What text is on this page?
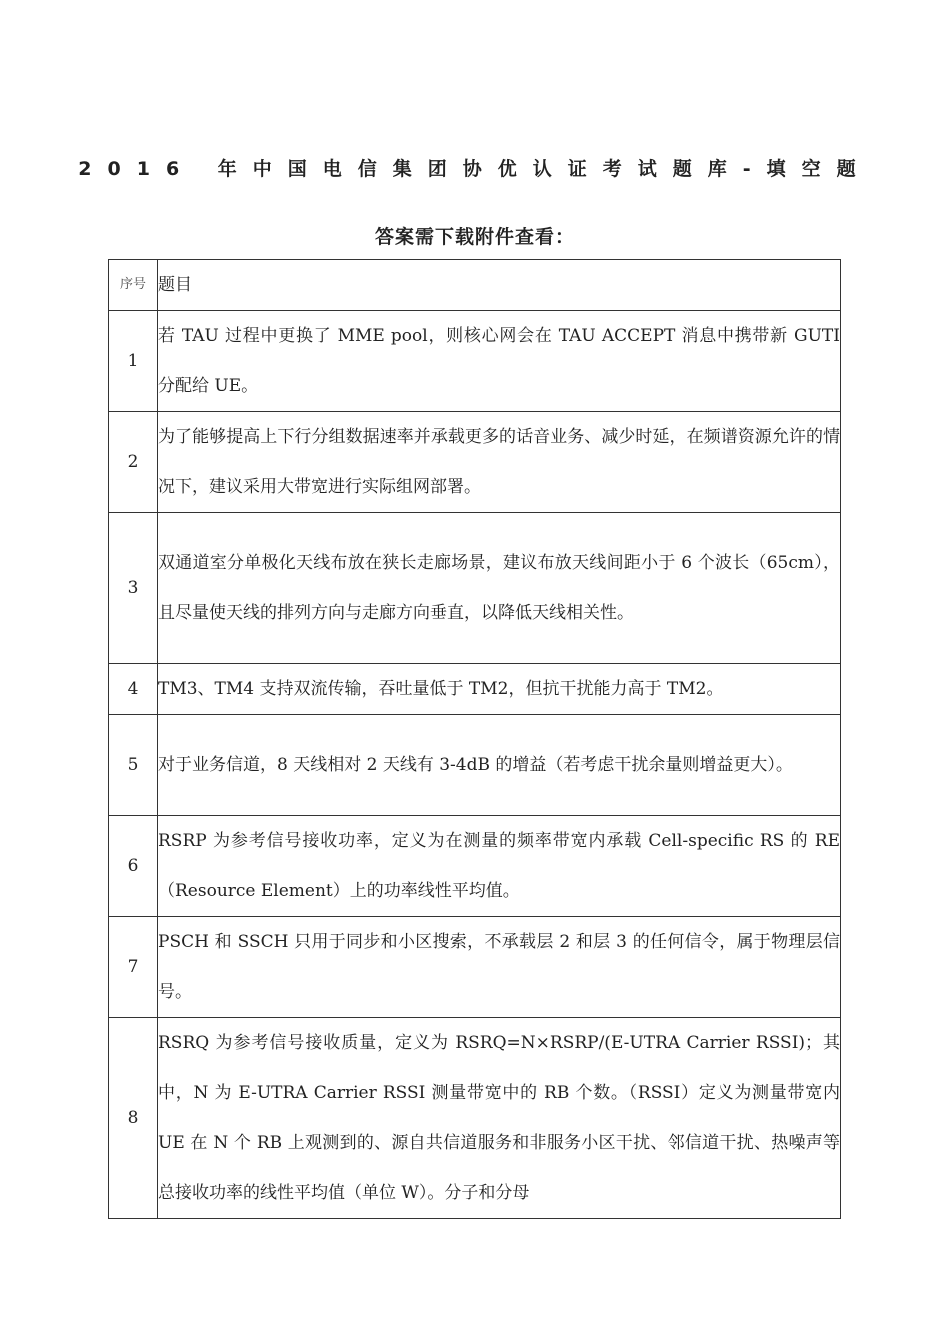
2016 年中国电信集团协优认证考试题库-填空题
答案需下载附件查看：
序号	题目
1	若 TAU 过程中更换了 MME pool，则核心网会在 TAU ACCEPT 消息中携带新 GUTI 分配给 UE。
2	为了能够提高上下行分组数据速率并承载更多的话音业务、减少时延，在频谱资源允许的情况下，建议采用大带宽进行实际组网部署。
3	双通道室分单极化天线布放在狭长走廊场景，建议布放天线间距小于 6 个波长（65cm），且尽量使天线的排列方向与走廊方向垂直，以降低天线相关性。
4	TM3、TM4 支持双流传输，吞吐量低于 TM2，但抗干扰能力高于 TM2。
5	对于业务信道，8 天线相对 2 天线有 3-4dB 的增益（若考虑干扰余量则增益更大）。
6	RSRP 为参考信号接收功率，定义为在测量的频率带宽内承载 Cell-specific RS 的 RE（Resource Element）上的功率线性平均值。
7	PSCH 和 SSCH 只用于同步和小区搜索，不承载层 2 和层 3 的任何信令，属于物理层信号。
8	RSRQ 为参考信号接收质量，定义为 RSRQ=N×RSRP/(E-UTRA Carrier RSSI)；其中，N 为 E-UTRA Carrier RSSI 测量带宽中的 RB 个数。（RSSI）定义为测量带宽内 UE 在 N 个 RB 上观测到的、源自共信道服务和非服务小区干扰、邻信道干扰、热噪声等总接收功率的线性平均值（单位 W）。分子和分母
